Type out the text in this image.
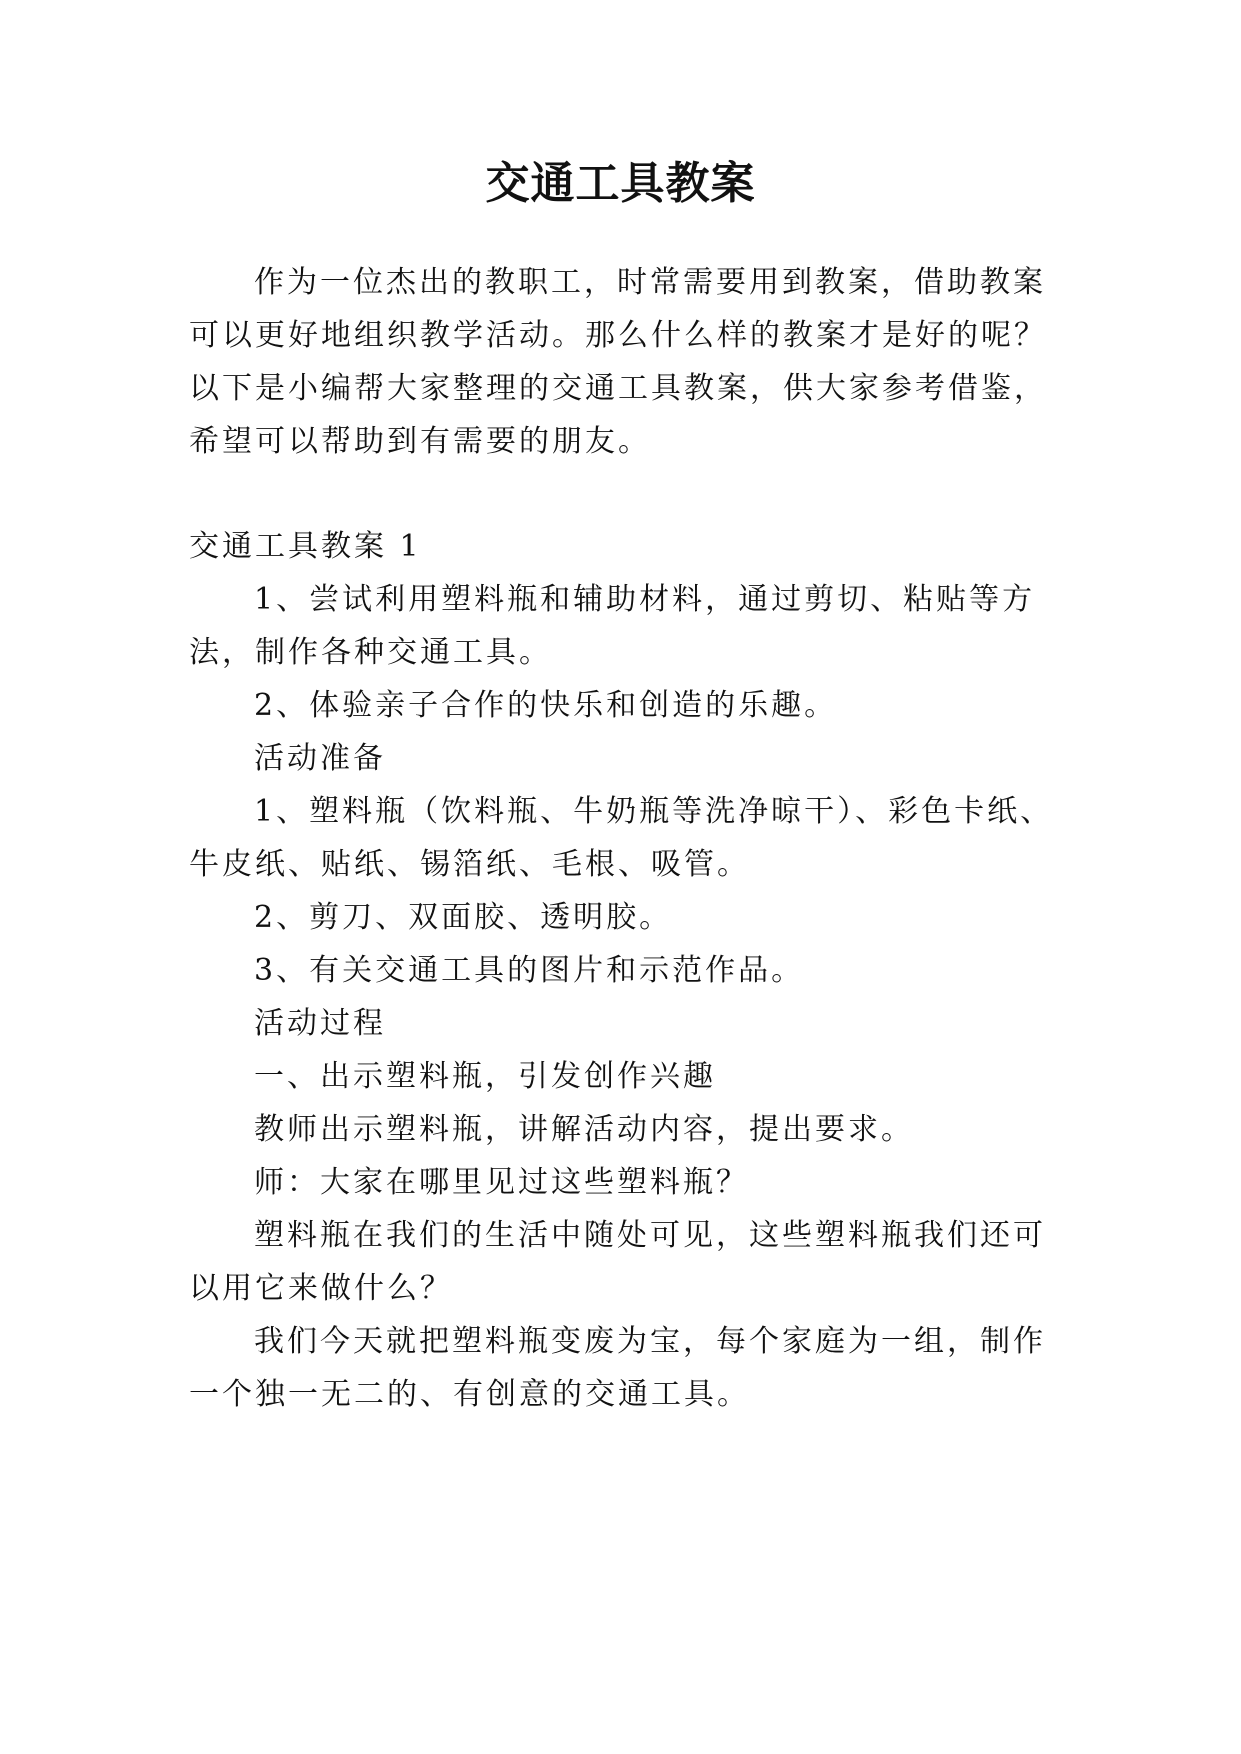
交通工具教案
作为一位杰出的教职工，时常需要用到教案，借助教案
可以更好地组织教学活动。那么什么样的教案才是好的呢？
以下是小编帮大家整理的交通工具教案，供大家参考借鉴，
希望可以帮助到有需要的朋友。
交通工具教案 1
1、尝试利用塑料瓶和辅助材料，通过剪切、粘贴等方
法，制作各种交通工具。
2、体验亲子合作的快乐和创造的乐趣。
活动准备
1、塑料瓶（饮料瓶、牛奶瓶等洗净晾干）、彩色卡纸、
牛皮纸、贴纸、锡箔纸、毛根、吸管。
2、剪刀、双面胶、透明胶。
3、有关交通工具的图片和示范作品。
活动过程
一、出示塑料瓶，引发创作兴趣
教师出示塑料瓶，讲解活动内容，提出要求。
师：大家在哪里见过这些塑料瓶？
塑料瓶在我们的生活中随处可见，这些塑料瓶我们还可
以用它来做什么？
我们今天就把塑料瓶变废为宝，每个家庭为一组，制作
一个独一无二的、有创意的交通工具。
